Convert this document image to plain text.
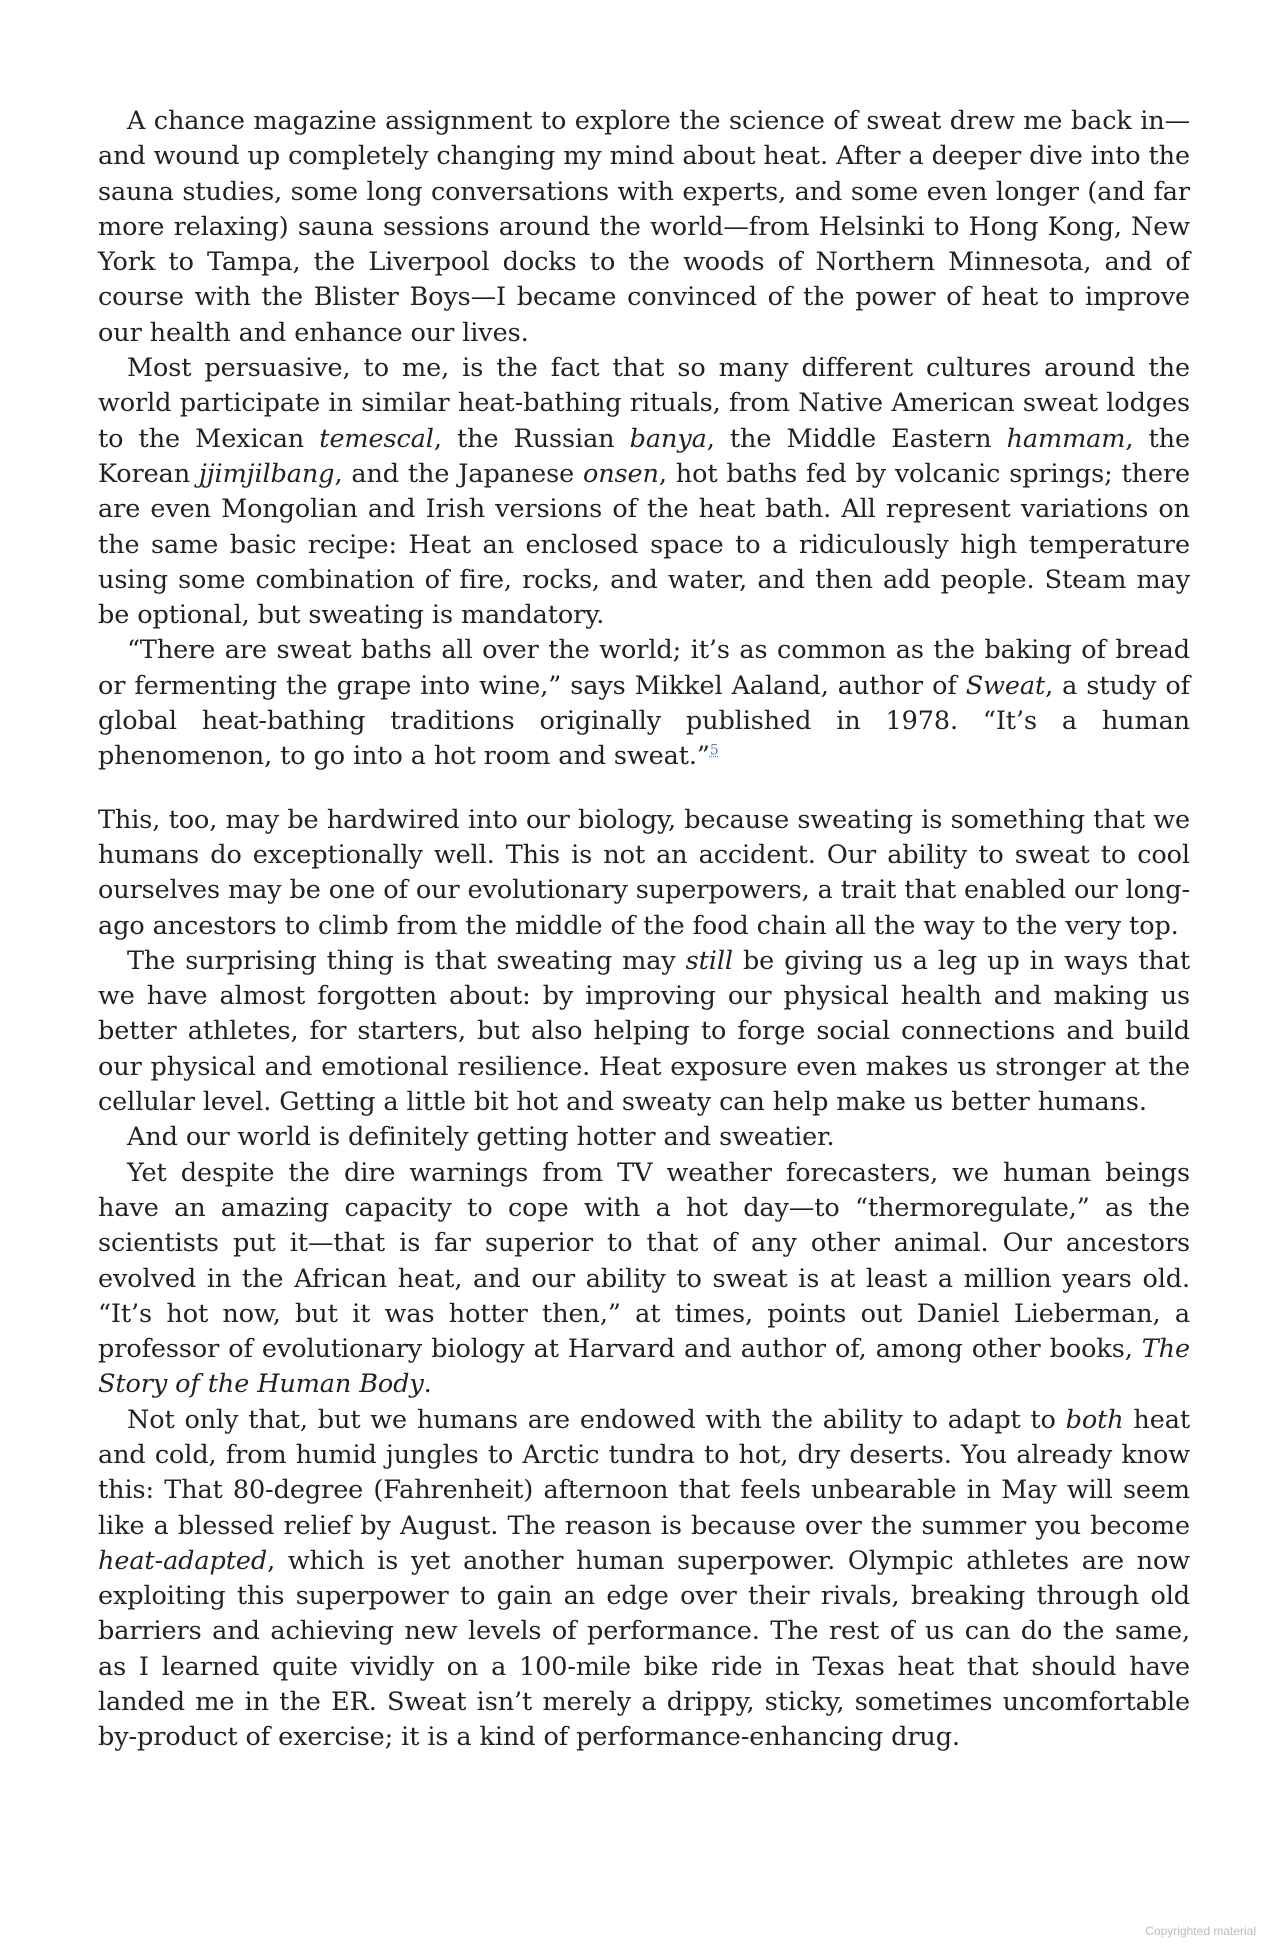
A chance magazine assignment to explore the science of sweat drew me back in—and wound up completely changing my mind about heat. After a deeper dive into the sauna studies, some long conversations with experts, and some even longer (and far more relaxing) sauna sessions around the world—from Helsinki to Hong Kong, New York to Tampa, the Liverpool docks to the woods of Northern Minnesota, and of course with the Blister Boys—I became convinced of the power of heat to improve our health and enhance our lives.

Most persuasive, to me, is the fact that so many different cultures around the world participate in similar heat-bathing rituals, from Native American sweat lodges to the Mexican temescal, the Russian banya, the Middle Eastern hammam, the Korean jjimjilbang, and the Japanese onsen, hot baths fed by volcanic springs; there are even Mongolian and Irish versions of the heat bath. All represent variations on the same basic recipe: Heat an enclosed space to a ridiculously high temperature using some combination of fire, rocks, and water, and then add people. Steam may be optional, but sweating is mandatory.

“There are sweat baths all over the world; it’s as common as the baking of bread or fermenting the grape into wine,” says Mikkel Aaland, author of Sweat, a study of global heat-bathing traditions originally published in 1978. “It’s a human phenomenon, to go into a hot room and sweat.”$^5$

This, too, may be hardwired into our biology, because sweating is something that we humans do exceptionally well. This is not an accident. Our ability to sweat to cool ourselves may be one of our evolutionary superpowers, a trait that enabled our long-ago ancestors to climb from the middle of the food chain all the way to the very top.

The surprising thing is that sweating may still be giving us a leg up in ways that we have almost forgotten about: by improving our physical health and making us better athletes, for starters, but also helping to forge social connections and build our physical and emotional resilience. Heat exposure even makes us stronger at the cellular level. Getting a little bit hot and sweaty can help make us better humans.

And our world is definitely getting hotter and sweatier.

Yet despite the dire warnings from TV weather forecasters, we human beings have an amazing capacity to cope with a hot day—to “thermoregulate,” as the scientists put it—that is far superior to that of any other animal. Our ancestors evolved in the African heat, and our ability to sweat is at least a million years old. “It’s hot now, but it was hotter then,” at times, points out Daniel Lieberman, a professor of evolutionary biology at Harvard and author of, among other books, The Story of the Human Body.

Not only that, but we humans are endowed with the ability to adapt to both heat and cold, from humid jungles to Arctic tundra to hot, dry deserts. You already know this: That 80-degree (Fahrenheit) afternoon that feels unbearable in May will seem like a blessed relief by August. The reason is because over the summer you become heat-adapted, which is yet another human superpower. Olympic athletes are now exploiting this superpower to gain an edge over their rivals, breaking through old barriers and achieving new levels of performance. The rest of us can do the same, as I learned quite vividly on a 100-mile bike ride in Texas heat that should have landed me in the ER. Sweat isn’t merely a drippy, sticky, sometimes uncomfortable by-product of exercise; it is a kind of performance-enhancing drug.

Copyrighted material
